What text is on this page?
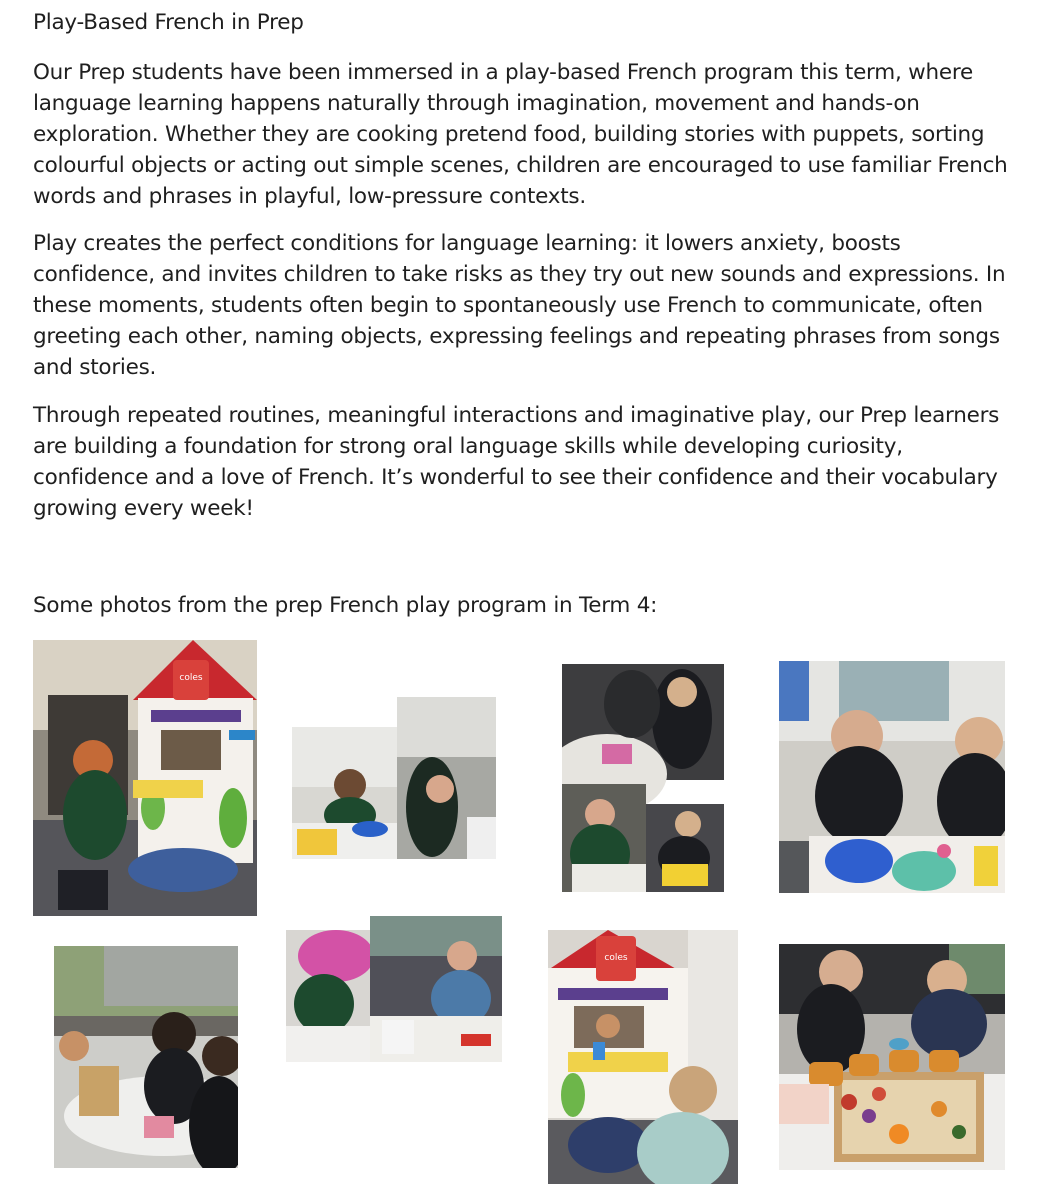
Play-Based French in Prep

Our Prep students have been immersed in a play-based French program this term, where language learning happens naturally through imagination, movement and hands-on exploration. Whether they are cooking pretend food, building stories with puppets, sorting colourful objects or acting out simple scenes, children are encouraged to use familiar French words and phrases in playful, low-pressure contexts.

Play creates the perfect conditions for language learning: it lowers anxiety, boosts confidence, and invites children to take risks as they try out new sounds and expressions. In these moments, students often begin to spontaneously use French to communicate, often greeting each other, naming objects, expressing feelings and repeating phrases from songs and stories.

Through repeated routines, meaningful interactions and imaginative play, our Prep learners are building a foundation for strong oral language skills while developing curiosity, confidence and a love of French. It’s wonderful to see their confidence and their vocabulary growing every week!

Some photos from the prep French play program in Term 4:
coles
coles
